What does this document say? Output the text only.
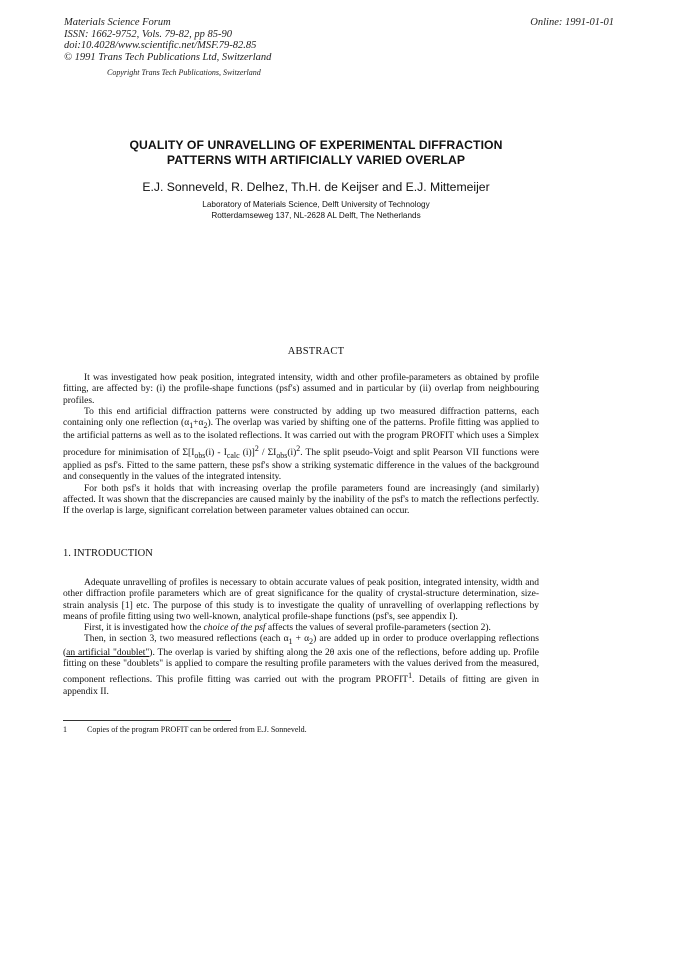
Materials Science Forum
ISSN: 1662-9752, Vols. 79-82, pp 85-90
doi:10.4028/www.scientific.net/MSF.79-82.85
© 1991 Trans Tech Publications Ltd, Switzerland
Online: 1991-01-01
Copyright Trans Tech Publications, Switzerland
QUALITY OF UNRAVELLING OF EXPERIMENTAL DIFFRACTION
PATTERNS WITH ARTIFICIALLY VARIED OVERLAP
E.J. Sonneveld, R. Delhez, Th.H. de Keijser and E.J. Mittemeijer
Laboratory of Materials Science, Delft University of Technology
Rotterdamseweg 137, NL-2628 AL Delft, The Netherlands
ABSTRACT

It was investigated how peak position, integrated intensity, width and other profile-parameters as obtained by profile fitting, are affected by: (i) the profile-shape functions (psf's) assumed and in particular by (ii) overlap from neighbouring profiles.

To this end artificial diffraction patterns were constructed by adding up two measured diffraction patterns, each containing only one reflection $(\alpha_1+\alpha_2)$. The overlap was varied by shifting one of the patterns. Profile fitting was applied to the artificial patterns as well as to the isolated reflections. It was carried out with the program PROFIT which uses a Simplex procedure for minimisation of $\Sigma[I_{obs}(i) - I_{calc}$ $(i)]^2 / \Sigma I_{obs}(i)^2$. The split pseudo-Voigt and split Pearson VII functions were applied as psf's. Fitted to the same pattern, these psf's show a striking systematic difference in the values of the background and consequently in the values of the integrated intensity.

For both psf's it holds that with increasing overlap the profile parameters found are increasingly (and similarly) affected. It was shown that the discrepancies are caused mainly by the inability of the psf's to match the reflections perfectly. If the overlap is large, significant correlation between parameter values obtained can occur.

1. INTRODUCTION

Adequate unravelling of profiles is necessary to obtain accurate values of peak position, integrated intensity, width and other diffraction profile parameters which are of great significance for the quality of crystal-structure determination, size-strain analysis [1] etc. The purpose of this study is to investigate the quality of unravelling of overlapping reflections by means of profile fitting using two well-known, analytical profile-shape functions (psf's, see appendix I).

First, it is investigated how the choice of the psf affects the values of several profile-parameters (section 2).

Then, in section 3, two measured reflections (each $\alpha_1 + \alpha_2$) are added up in order to produce overlapping reflections (an artificial "doublet"). The overlap is varied by shifting along the 2θ axis one of the reflections, before adding up. Profile fitting on these "doublets" is applied to compare the resulting profile parameters with the values derived from the measured, component reflections. This profile fitting was carried out with the program PROFIT$^1$. Details of fitting are given in appendix II.

1	Copies of the program PROFIT can be ordered from E.J. Sonneveld.
